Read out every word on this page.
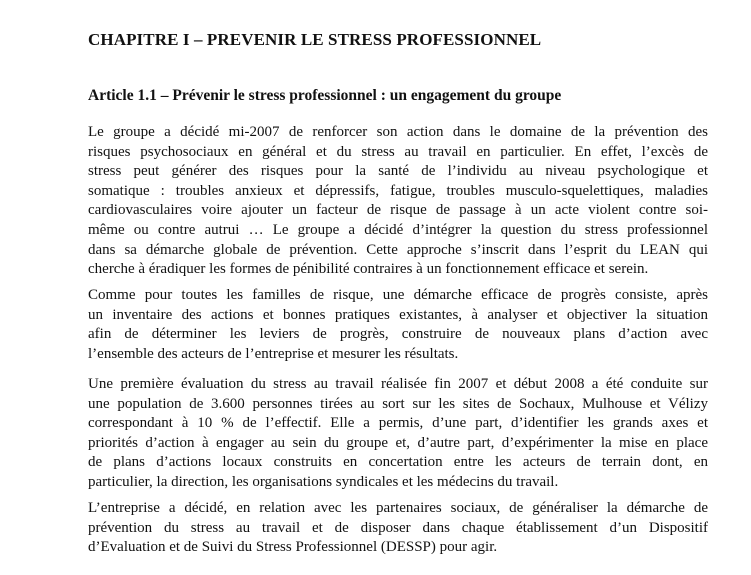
CHAPITRE I – PREVENIR LE STRESS PROFESSIONNEL
Article 1.1 – Prévenir le stress professionnel : un engagement du groupe

Le groupe a décidé mi-2007 de renforcer son action dans le domaine de la prévention des
risques psychosociaux en général et du stress au travail en particulier. En effet, l’excès de
stress peut générer des risques pour la santé de l’individu au niveau psychologique et
somatique : troubles anxieux et dépressifs, fatigue, troubles musculo-squelettiques, maladies
cardiovasculaires voire ajouter un facteur de risque de passage à un acte violent contre soi-
même ou contre autrui … Le groupe a décidé d’intégrer la question du stress professionnel
dans sa démarche globale de prévention. Cette approche s’inscrit dans l’esprit du LEAN qui
cherche à éradiquer les formes de pénibilité contraires à un fonctionnement efficace et serein.

Comme pour toutes les familles de risque, une démarche efficace de progrès consiste, après
un inventaire des actions et bonnes pratiques existantes, à analyser et objectiver la situation
afin de déterminer les leviers de progrès, construire de nouveaux plans d’action avec
l’ensemble des acteurs de l’entreprise et mesurer les résultats.

Une première évaluation du stress au travail réalisée fin 2007 et début 2008 a été conduite sur
une population de 3.600 personnes tirées au sort sur les sites de Sochaux, Mulhouse et Vélizy
correspondant à 10 % de l’effectif. Elle a permis, d’une part, d’identifier les grands axes et
priorités d’action à engager au sein du groupe et, d’autre part, d’expérimenter la mise en place
de plans d’actions locaux construits en concertation entre les acteurs de terrain dont, en
particulier, la direction, les organisations syndicales et les médecins du travail.

L’entreprise a décidé, en relation avec les partenaires sociaux, de généraliser la démarche de
prévention du stress au travail et de disposer dans chaque établissement d’un Dispositif
d’Evaluation et de Suivi du Stress Professionnel (DESSP) pour agir.
